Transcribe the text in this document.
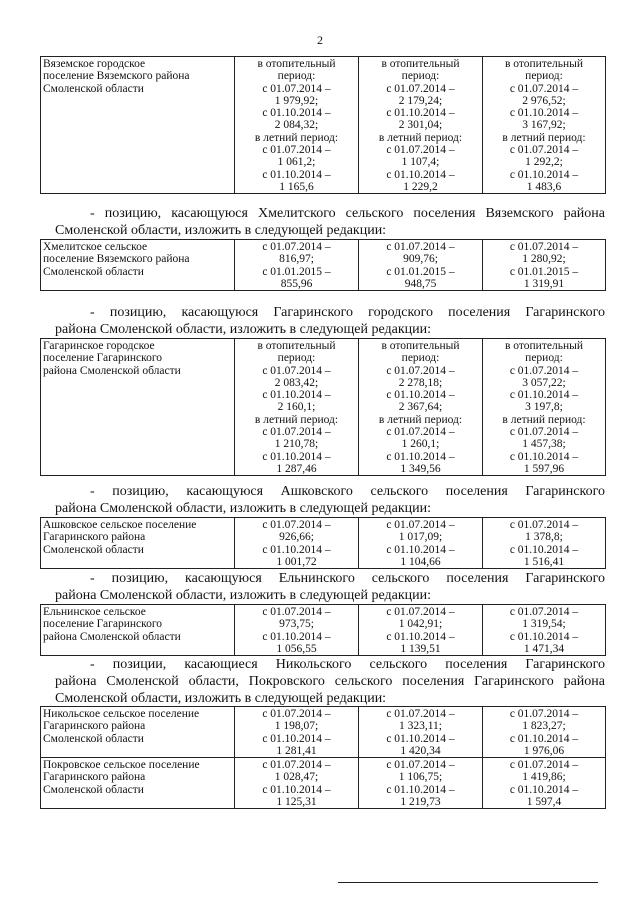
2
Вяземское городское
поселение Вяземского района
Смоленской области

в отопительный
период:
с 01.07.2014 –
1 979,92;
с 01.10.2014 –
2 084,32;
в летний период:
с 01.07.2014 –
1 061,2;
с 01.10.2014 –
1 165,6

в отопительный
период:
с 01.07.2014 –
2 179,24;
с 01.10.2014 –
2 301,04;
в летний период:
с 01.07.2014 –
1 107,4;
с 01.10.2014 –
1 229,2

в отопительный
период:
с 01.07.2014 –
2 976,52;
с 01.10.2014 –
3 167,92;
в летний период:
с 01.07.2014 –
1 292,2;
с 01.10.2014 –
1 483,6
- позицию, касающуюся Хмелитского сельского поселения Вяземского района
Смоленской области, изложить в следующей редакции:
Хмелитское сельское
поселение Вяземского района
Смоленской области

с 01.07.2014 –
816,97;
с 01.01.2015 –
855,96

с 01.07.2014 –
909,76;
с 01.01.2015 –
948,75

с 01.07.2014 –
1 280,92;
с 01.01.2015 –
1 319,91
- позицию, касающуюся Гагаринского городского поселения Гагаринского
района Смоленской области, изложить в следующей редакции:
Гагаринское городское
поселение Гагаринского
района Смоленской области

в отопительный
период:
с 01.07.2014 –
2 083,42;
с 01.10.2014 –
2 160,1;
в летний период:
с 01.07.2014 –
1 210,78;
с 01.10.2014 –
1 287,46

в отопительный
период:
с 01.07.2014 –
2 278,18;
с 01.10.2014 –
2 367,64;
в летний период:
с 01.07.2014 –
1 260,1;
с 01.10.2014 –
1 349,56

в отопительный
период:
с 01.07.2014 –
3 057,22;
с 01.10.2014 –
3 197,8;
в летний период:
с 01.07.2014 –
1 457,38;
с 01.10.2014 –
1 597,96
- позицию, касающуюся Ашковского сельского поселения Гагаринского
района Смоленской области, изложить в следующей редакции:
Ашковское сельское поселение
Гагаринского района
Смоленской области

с 01.07.2014 –
926,66;
с 01.10.2014 –
1 001,72

с 01.07.2014 –
1 017,09;
с 01.10.2014 –
1 104,66

с 01.07.2014 –
1 378,8;
с 01.10.2014 –
1 516,41
- позицию, касающуюся Ельнинского сельского поселения Гагаринского
района Смоленской области, изложить в следующей редакции:
Ельнинское сельское
поселение Гагаринского
района Смоленской области

с 01.07.2014 –
973,75;
с 01.10.2014 –
1 056,55

с 01.07.2014 –
1 042,91;
с 01.10.2014 –
1 139,51

с 01.07.2014 –
1 319,54;
с 01.10.2014 –
1 471,34
- позиции, касающиеся Никольского сельского поселения Гагаринского
района Смоленской области, Покровского сельского поселения Гагаринского района
Смоленской области, изложить в следующей редакции:
Никольское сельское поселение
Гагаринского района
Смоленской области	с 01.07.2014 –
1 198,07;
с 01.10.2014 –
1 281,41	с 01.07.2014 –
1 323,11;
с 01.10.2014 –
1 420,34	с 01.07.2014 –
1 823,27;
с 01.10.2014 –
1 976,06

Покровское сельское поселение
Гагаринского района
Смоленской области	с 01.07.2014 –
1 028,47;
с 01.10.2014 –
1 125,31	с 01.07.2014 –
1 106,75;
с 01.10.2014 –
1 219,73	с 01.07.2014 –
1 419,86;
с 01.10.2014 –
1 597,4
